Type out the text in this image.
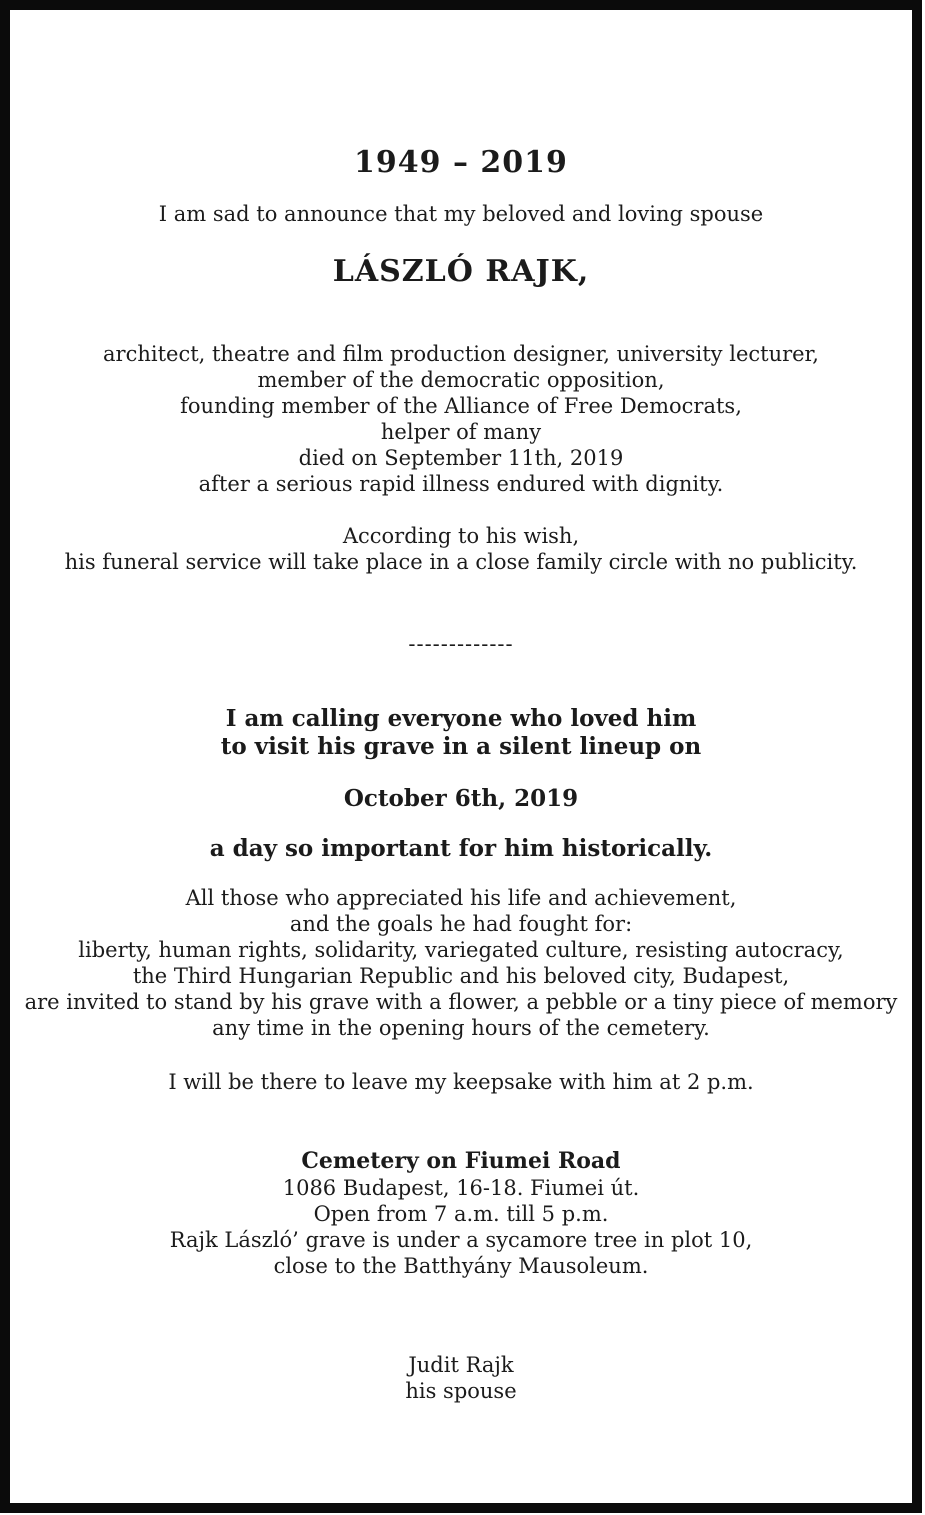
1949 – 2019
I am sad to announce that my beloved and loving spouse
LÁSZLÓ RAJK,
architect, theatre and film production designer, university lecturer,
member of the democratic opposition,
founding member of the Alliance of Free Democrats,
helper of many
died on September 11th, 2019
after a serious rapid illness endured with dignity.
According to his wish,
his funeral service will take place in a close family circle with no publicity.
-------------
I am calling everyone who loved him
to visit his grave in a silent lineup on
October 6th, 2019
a day so important for him historically.
All those who appreciated his life and achievement,
and the goals he had fought for:
liberty, human rights, solidarity, variegated culture, resisting autocracy,
the Third Hungarian Republic and his beloved city, Budapest,
are invited to stand by his grave with a flower, a pebble or a tiny piece of memory
any time in the opening hours of the cemetery.
I will be there to leave my keepsake with him at 2 p.m.
Cemetery on Fiumei Road
1086 Budapest, 16-18. Fiumei út.
Open from 7 a.m. till 5 p.m.
Rajk László’ grave is under a sycamore tree in plot 10,
close to the Batthyány Mausoleum.
Judit Rajk
his spouse
